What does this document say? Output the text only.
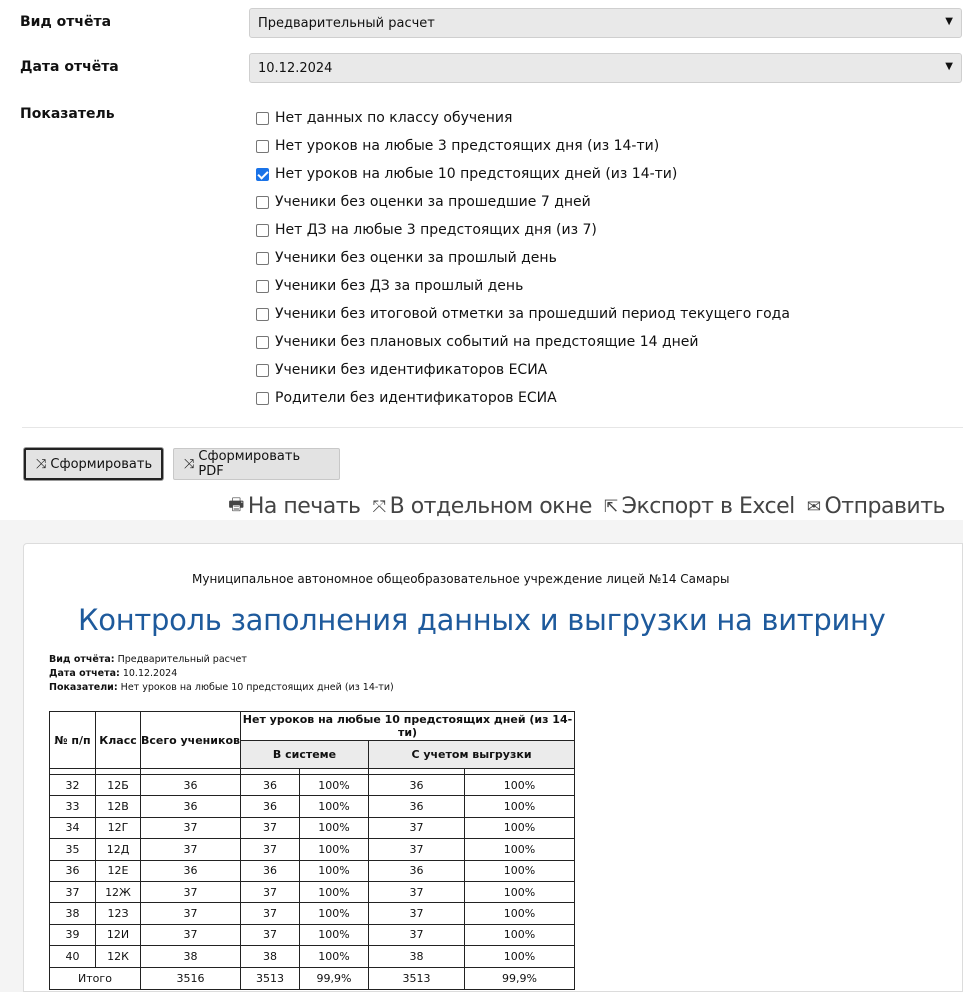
Вид отчёта	Предварительный расчет	▼
Дата отчёта	10.12.2024	▼
Показатель	Нет данных по классу обучения
Нет уроков на любые 3 предстоящих дня (из 14-ти)
Нет уроков на любые 10 предстоящих дней (из 14-ти)
Ученики без оценки за прошедшие 7 дней
Нет ДЗ на любые 3 предстоящих дня (из 7)
Ученики без оценки за прошлый день
Ученики без ДЗ за прошлый день
Ученики без итоговой отметки за прошедший период текущего года
Ученики без плановых событий на предстоящие 14 дней
Ученики без идентификаторов ЕСИА
Родители без идентификаторов ЕСИА
⤨ Сформировать ⤨ Сформировать PDF
🖶 На печать ⤧ В отдельном окне ⇱ Экспорт в Excel ✉ Отправить
Муниципальное автономное общеобразовательное учреждение лицей №14 Самары
Контроль заполнения данных и выгрузки на витрину
Вид отчёта: Предварительный расчет
Дата отчета: 10.12.2024
Показатели: Нет уроков на любые 10 предстоящих дней (из 14-ти)
№ п/п	Класс	Всего учеников	Нет уроков на любые 10 предстоящих дней (из 14-ти)			
			В системе		С учетом выгрузки	

32	12Б	36	36	100%	36	100%
33	12В	36	36	100%	36	100%
34	12Г	37	37	100%	37	100%
35	12Д	37	37	100%	37	100%
36	12Е	36	36	100%	36	100%
37	12Ж	37	37	100%	37	100%
38	12З	37	37	100%	37	100%
39	12И	37	37	100%	37	100%
40	12К	38	38	100%	38	100%
Итого		3516	3513	99,9%	3513	99,9%
